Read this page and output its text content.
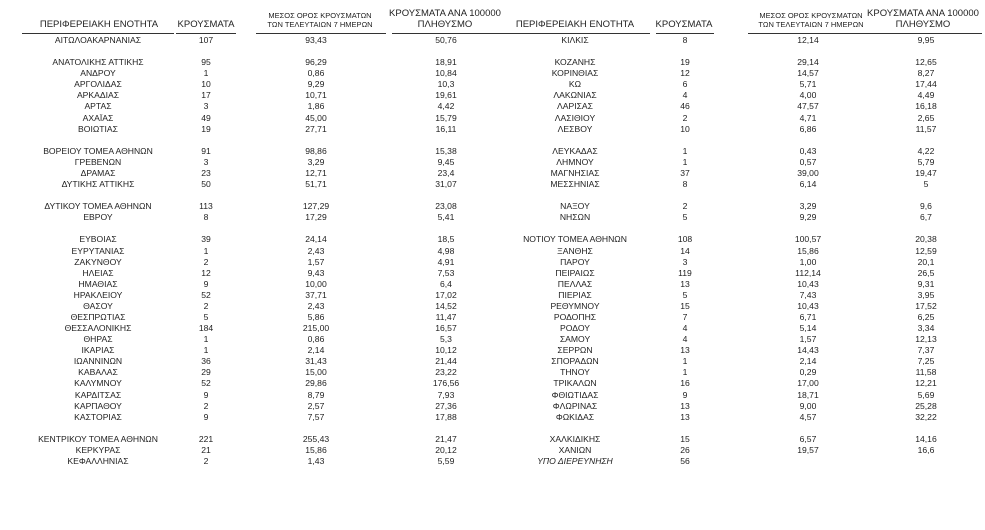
ΠΕΡΙΦΕΡΕΙΑΚΗ ΕΝΟΤΗΤΑ	ΚΡΟΥΣΜΑΤΑ
ΜΕΣΟΣ ΟΡΟΣ ΚΡΟΥΣΜΑΤΩΝ
ΤΩΝ ΤΕΛΕΥΤΑΙΩΝ 7 ΗΜΕΡΩΝ
ΚΡΟΥΣΜΑΤΑ ΑΝΑ 100000
ΠΛΗΘΥΣΜΟ	ΠΕΡΙΦΕΡΕΙΑΚΗ ΕΝΟΤΗΤΑ	ΚΡΟΥΣΜΑΤΑ
ΜΕΣΟΣ ΟΡΟΣ ΚΡΟΥΣΜΑΤΩΝ
ΤΩΝ ΤΕΛΕΥΤΑΙΩΝ 7 ΗΜΕΡΩΝ
ΚΡΟΥΣΜΑΤΑ ΑΝΑ 100000
ΠΛΗΘΥΣΜΟ
ΑΙΤΩΛΟΑΚΑΡΝΑΝΙΑΣ	107	93,43	50,76
ΑΝΑΤΟΛΙΚΗΣ ΑΤΤΙΚΗΣ	95	96,29	18,91
ΑΝΔΡΟΥ	1	0,86	10,84
ΑΡΓΟΛΙΔΑΣ	10	9,29	10,3
ΑΡΚΑΔΙΑΣ	17	10,71	19,61
ΑΡΤΑΣ	3	1,86	4,42
ΑΧΑΪΑΣ	49	45,00	15,79
ΒΟΙΩΤΙΑΣ	19	27,71	16,11
ΒΟΡΕΙΟΥ ΤΟΜΕΑ ΑΘΗΝΩΝ	91	98,86	15,38
ΓΡΕΒΕΝΩΝ	3	3,29	9,45
ΔΡΑΜΑΣ	23	12,71	23,4
ΔΥΤΙΚΗΣ ΑΤΤΙΚΗΣ	50	51,71	31,07
ΔΥΤΙΚΟΥ ΤΟΜΕΑ ΑΘΗΝΩΝ	113	127,29	23,08
ΕΒΡΟΥ	8	17,29	5,41
ΕΥΒΟΙΑΣ	39	24,14	18,5
ΕΥΡΥΤΑΝΙΑΣ	1	2,43	4,98
ΖΑΚΥΝΘΟΥ	2	1,57	4,91
ΗΛΕΙΑΣ	12	9,43	7,53
ΗΜΑΘΙΑΣ	9	10,00	6,4
ΗΡΑΚΛΕΙΟΥ	52	37,71	17,02
ΘΑΣΟΥ	2	2,43	14,52
ΘΕΣΠΡΩΤΙΑΣ	5	5,86	11,47
ΘΕΣΣΑΛΟΝΙΚΗΣ	184	215,00	16,57
ΘΗΡΑΣ	1	0,86	5,3
ΙΚΑΡΙΑΣ	1	2,14	10,12
ΙΩΑΝΝΙΝΩΝ	36	31,43	21,44
ΚΑΒΑΛΑΣ	29	15,00	23,22
ΚΑΛΥΜΝΟΥ	52	29,86	176,56
ΚΑΡΔΙΤΣΑΣ	9	8,79	7,93
ΚΑΡΠΑΘΟΥ	2	2,57	27,36
ΚΑΣΤΟΡΙΑΣ	9	7,57	17,88
ΚΕΝΤΡΙΚΟΥ ΤΟΜΕΑ ΑΘΗΝΩΝ	221	255,43	21,47
ΚΕΡΚΥΡΑΣ	21	15,86	20,12
ΚΕΦΑΛΛΗΝΙΑΣ	2	1,43	5,59
ΚΙΛΚΙΣ	8	12,14	9,95
ΚΟΖΑΝΗΣ	19	29,14	12,65
ΚΟΡΙΝΘΙΑΣ	12	14,57	8,27
ΚΩ	6	5,71	17,44
ΛΑΚΩΝΙΑΣ	4	4,00	4,49
ΛΑΡΙΣΑΣ	46	47,57	16,18
ΛΑΣΙΘΙΟΥ	2	4,71	2,65
ΛΕΣΒΟΥ	10	6,86	11,57
ΛΕΥΚΑΔΑΣ	1	0,43	4,22
ΛΗΜΝΟΥ	1	0,57	5,79
ΜΑΓΝΗΣΙΑΣ	37	39,00	19,47
ΜΕΣΣΗΝΙΑΣ	8	6,14	5
ΝΑΞΟΥ	2	3,29	9,6
ΝΗΣΩΝ	5	9,29	6,7
ΝΟΤΙΟΥ ΤΟΜΕΑ ΑΘΗΝΩΝ	108	100,57	20,38
ΞΑΝΘΗΣ	14	15,86	12,59
ΠΑΡΟΥ	3	1,00	20,1
ΠΕΙΡΑΙΩΣ	119	112,14	26,5
ΠΕΛΛΑΣ	13	10,43	9,31
ΠΙΕΡΙΑΣ	5	7,43	3,95
ΡΕΘΥΜΝΟΥ	15	10,43	17,52
ΡΟΔΟΠΗΣ	7	6,71	6,25
ΡΟΔΟΥ	4	5,14	3,34
ΣΑΜΟΥ	4	1,57	12,13
ΣΕΡΡΩΝ	13	14,43	7,37
ΣΠΟΡΑΔΩΝ	1	2,14	7,25
ΤΗΝΟΥ	1	0,29	11,58
ΤΡΙΚΑΛΩΝ	16	17,00	12,21
ΦΘΙΩΤΙΔΑΣ	9	18,71	5,69
ΦΛΩΡΙΝΑΣ	13	9,00	25,28
ΦΩΚΙΔΑΣ	13	4,57	32,22
ΧΑΛΚΙΔΙΚΗΣ	15	6,57	14,16
ΧΑΝΙΩΝ	26	19,57	16,6
ΥΠΟ ΔΙΕΡΕΥΝΗΣΗ	56
